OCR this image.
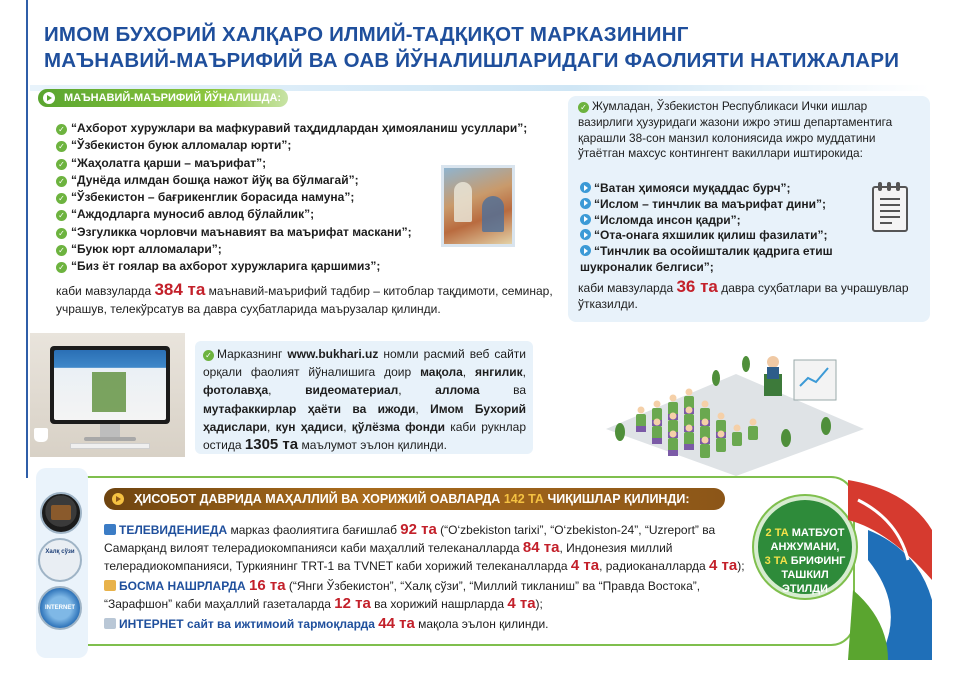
ИМОМ БУХОРИЙ ХАЛҚАРО ИЛМИЙ-ТАДҚИҚОТ МАРКАЗИНИНГ
МАЪНАВИЙ-МАЪРИФИЙ ВА ОАВ ЙЎНАЛИШЛАРИДАГИ ФАОЛИЯТИ НАТИЖАЛАРИ
МАЪНАВИЙ-МАЪРИФИЙ ЙЎНАЛИШДА:
✓ “Ахборот хуружлари ва мафкуравий таҳдидлардан ҳимояланиш усуллари”;
✓ “Ўзбекистон буюк алломалар юрти”;
✓ “Жаҳолатга қарши – маърифат”;
✓ “Дунёда илмдан бошқа нажот йўқ ва бўлмагай”;
✓ “Ўзбекистон – бағрикенглик борасида намуна”;
✓ “Аждодларга муносиб авлод бўлайлик”;
✓ “Эзгуликка чорловчи маънавият ва маърифат маскани”;
✓ “Буюк юрт алломалари”;
✓ “Биз ёт гоялар ва ахборот хуружларига қаршимиз”;
каби мавзуларда 384 та маънавий-маърифий тадбир – китоблар тақдимоти, семинар, учрашув, телекўрсатув ва давра суҳбатларида маърузалар қилинди.
✓ Жумладан, Ўзбекистон Республикаси Ички ишлар вазирлиги ҳузуридаги жазони ижро этиш департаментига қарашли 38-сон манзил колониясида ижро муддатини ўтаётган махсус контингент вакиллари иштирокида:
“Ватан ҳимояси муқаддас бурч”;
“Ислом – тинчлик ва маърифат дини”;
“Исломда инсон қадри”;
“Ота-онага яхшилик қилиш фазилати”;
“Тинчлик ва осойишталик қадрига етиш шукроналик белгиси”;
каби мавзуларда 36 та давра суҳбатлари ва учрашувлар ўтказилди.
✓ Марказнинг www.bukhari.uz номли расмий веб сайти орқали фаолият йўналишига доир мақола, янгилик, фотолавҳа, видеоматериал, аллома ва мутафаккирлар ҳаёти ва ижоди, Имом Бухорий ҳадислари, кун ҳадиси, қўлёзма фонди каби рукнлар остида 1305 та маълумот эълон қилинди.
Халқ сўзи
INTERNET
ҲИСОБОТ ДАВРИДА МАҲАЛЛИЙ ВА ХОРИЖИЙ ОАВЛАРДА 142 ТА ЧИҚИШЛАР ҚИЛИНДИ:

ТЕЛЕВИДЕНИЕДА марказ фаолиятига бағишлаб 92 та (“O‘zbekiston tarixi”, “O‘zbekiston-24”, “Uzreport” ва Самарқанд вилоят телерадиокомпанияси каби маҳаллий телеканалларда 84 та, Индонезия миллий телерадиокомпанияси, Туркиянинг TRT-1 ва TVNET каби хорижий телеканалларда 4 та, радиоканалларда 4 та);

БОСМА НАШРЛАРДА 16 та (“Янги Ўзбекистон”, “Халқ сўзи”, “Миллий тикланиш” ва “Правда Востока”, “Зарафшон” каби маҳаллий газеталарда 12 та ва хорижий нашрларда 4 та);

ИНТЕРНЕТ сайт ва ижтимоий тармоқларда 44 та мақола эълон қилинди.

2 ТА МАТБУОТ
АНЖУМАНИ,
3 ТА БРИФИНГ
ТАШКИЛ
ЭТИЛДИ
